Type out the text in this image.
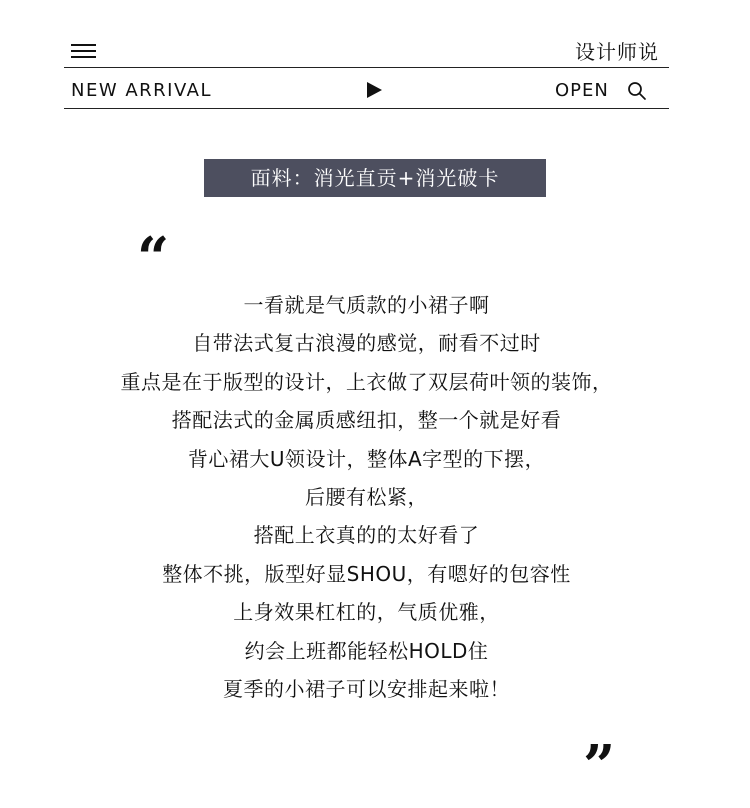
设计师说
NEW ARRIVAL	OPEN
面料：消光直贡+消光破卡
“
一看就是气质款的小裙子啊
自带法式复古浪漫的感觉，耐看不过时
重点是在于版型的设计，上衣做了双层荷叶领的装饰，
搭配法式的金属质感纽扣，整一个就是好看
背心裙大U领设计，整体A字型的下摆，
后腰有松紧，
搭配上衣真的的太好看了
整体不挑，版型好显SHOU，有嗯好的包容性
上身效果杠杠的，气质优雅，
约会上班都能轻松HOLD住
夏季的小裙子可以安排起来啦！
”
